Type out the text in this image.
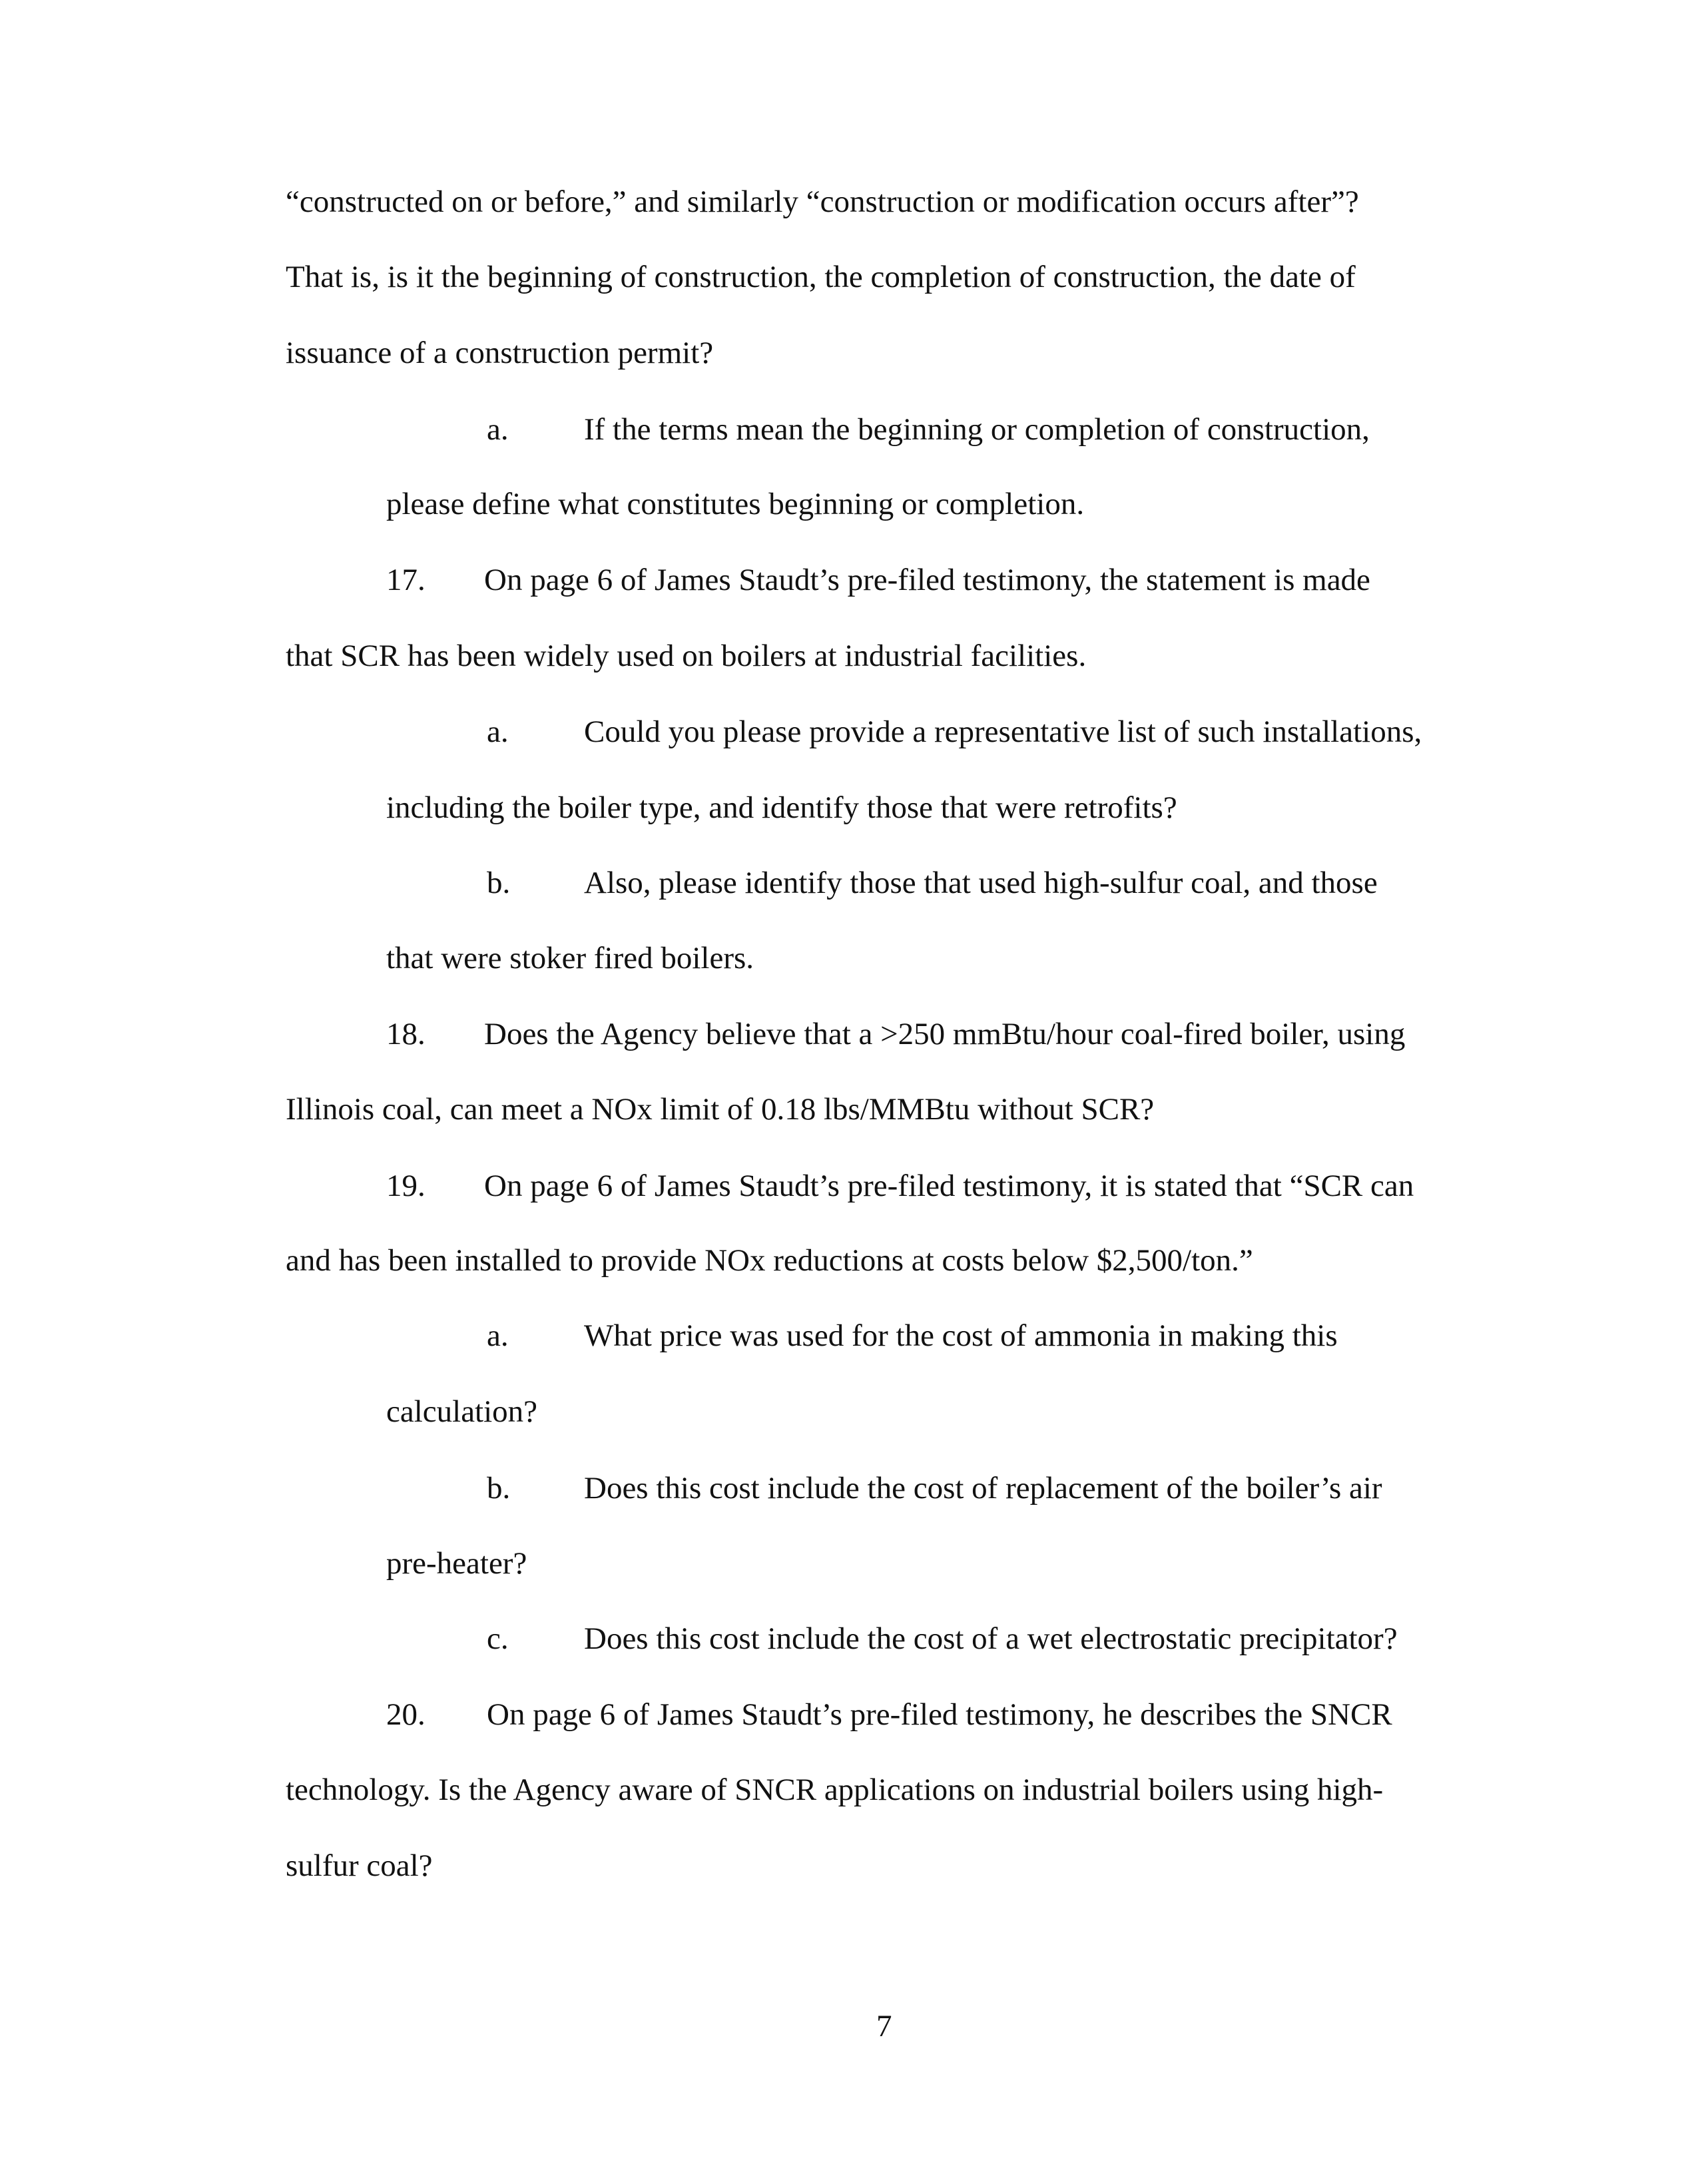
“constructed on or before,” and similarly “construction or modification occurs after”?
That is, is it the beginning of construction, the completion of construction, the date of
issuance of a construction permit?
a. If the terms mean the beginning or completion of construction,
please define what constitutes beginning or completion.
17. On page 6 of James Staudt’s pre-filed testimony, the statement is made
that SCR has been widely used on boilers at industrial facilities.
a. Could you please provide a representative list of such installations,
including the boiler type, and identify those that were retrofits?
b. Also, please identify those that used high-sulfur coal, and those
that were stoker fired boilers.
18. Does the Agency believe that a >250 mmBtu/hour coal-fired boiler, using
Illinois coal, can meet a NOx limit of 0.18 lbs/MMBtu without SCR?
19. On page 6 of James Staudt’s pre-filed testimony, it is stated that “SCR can
and has been installed to provide NOx reductions at costs below $2,500/ton.”
a. What price was used for the cost of ammonia in making this
calculation?
b. Does this cost include the cost of replacement of the boiler’s air
pre-heater?
c. Does this cost include the cost of a wet electrostatic precipitator?
20. On page 6 of James Staudt’s pre-filed testimony, he describes the SNCR
technology. Is the Agency aware of SNCR applications on industrial boilers using high-
sulfur coal?
7
